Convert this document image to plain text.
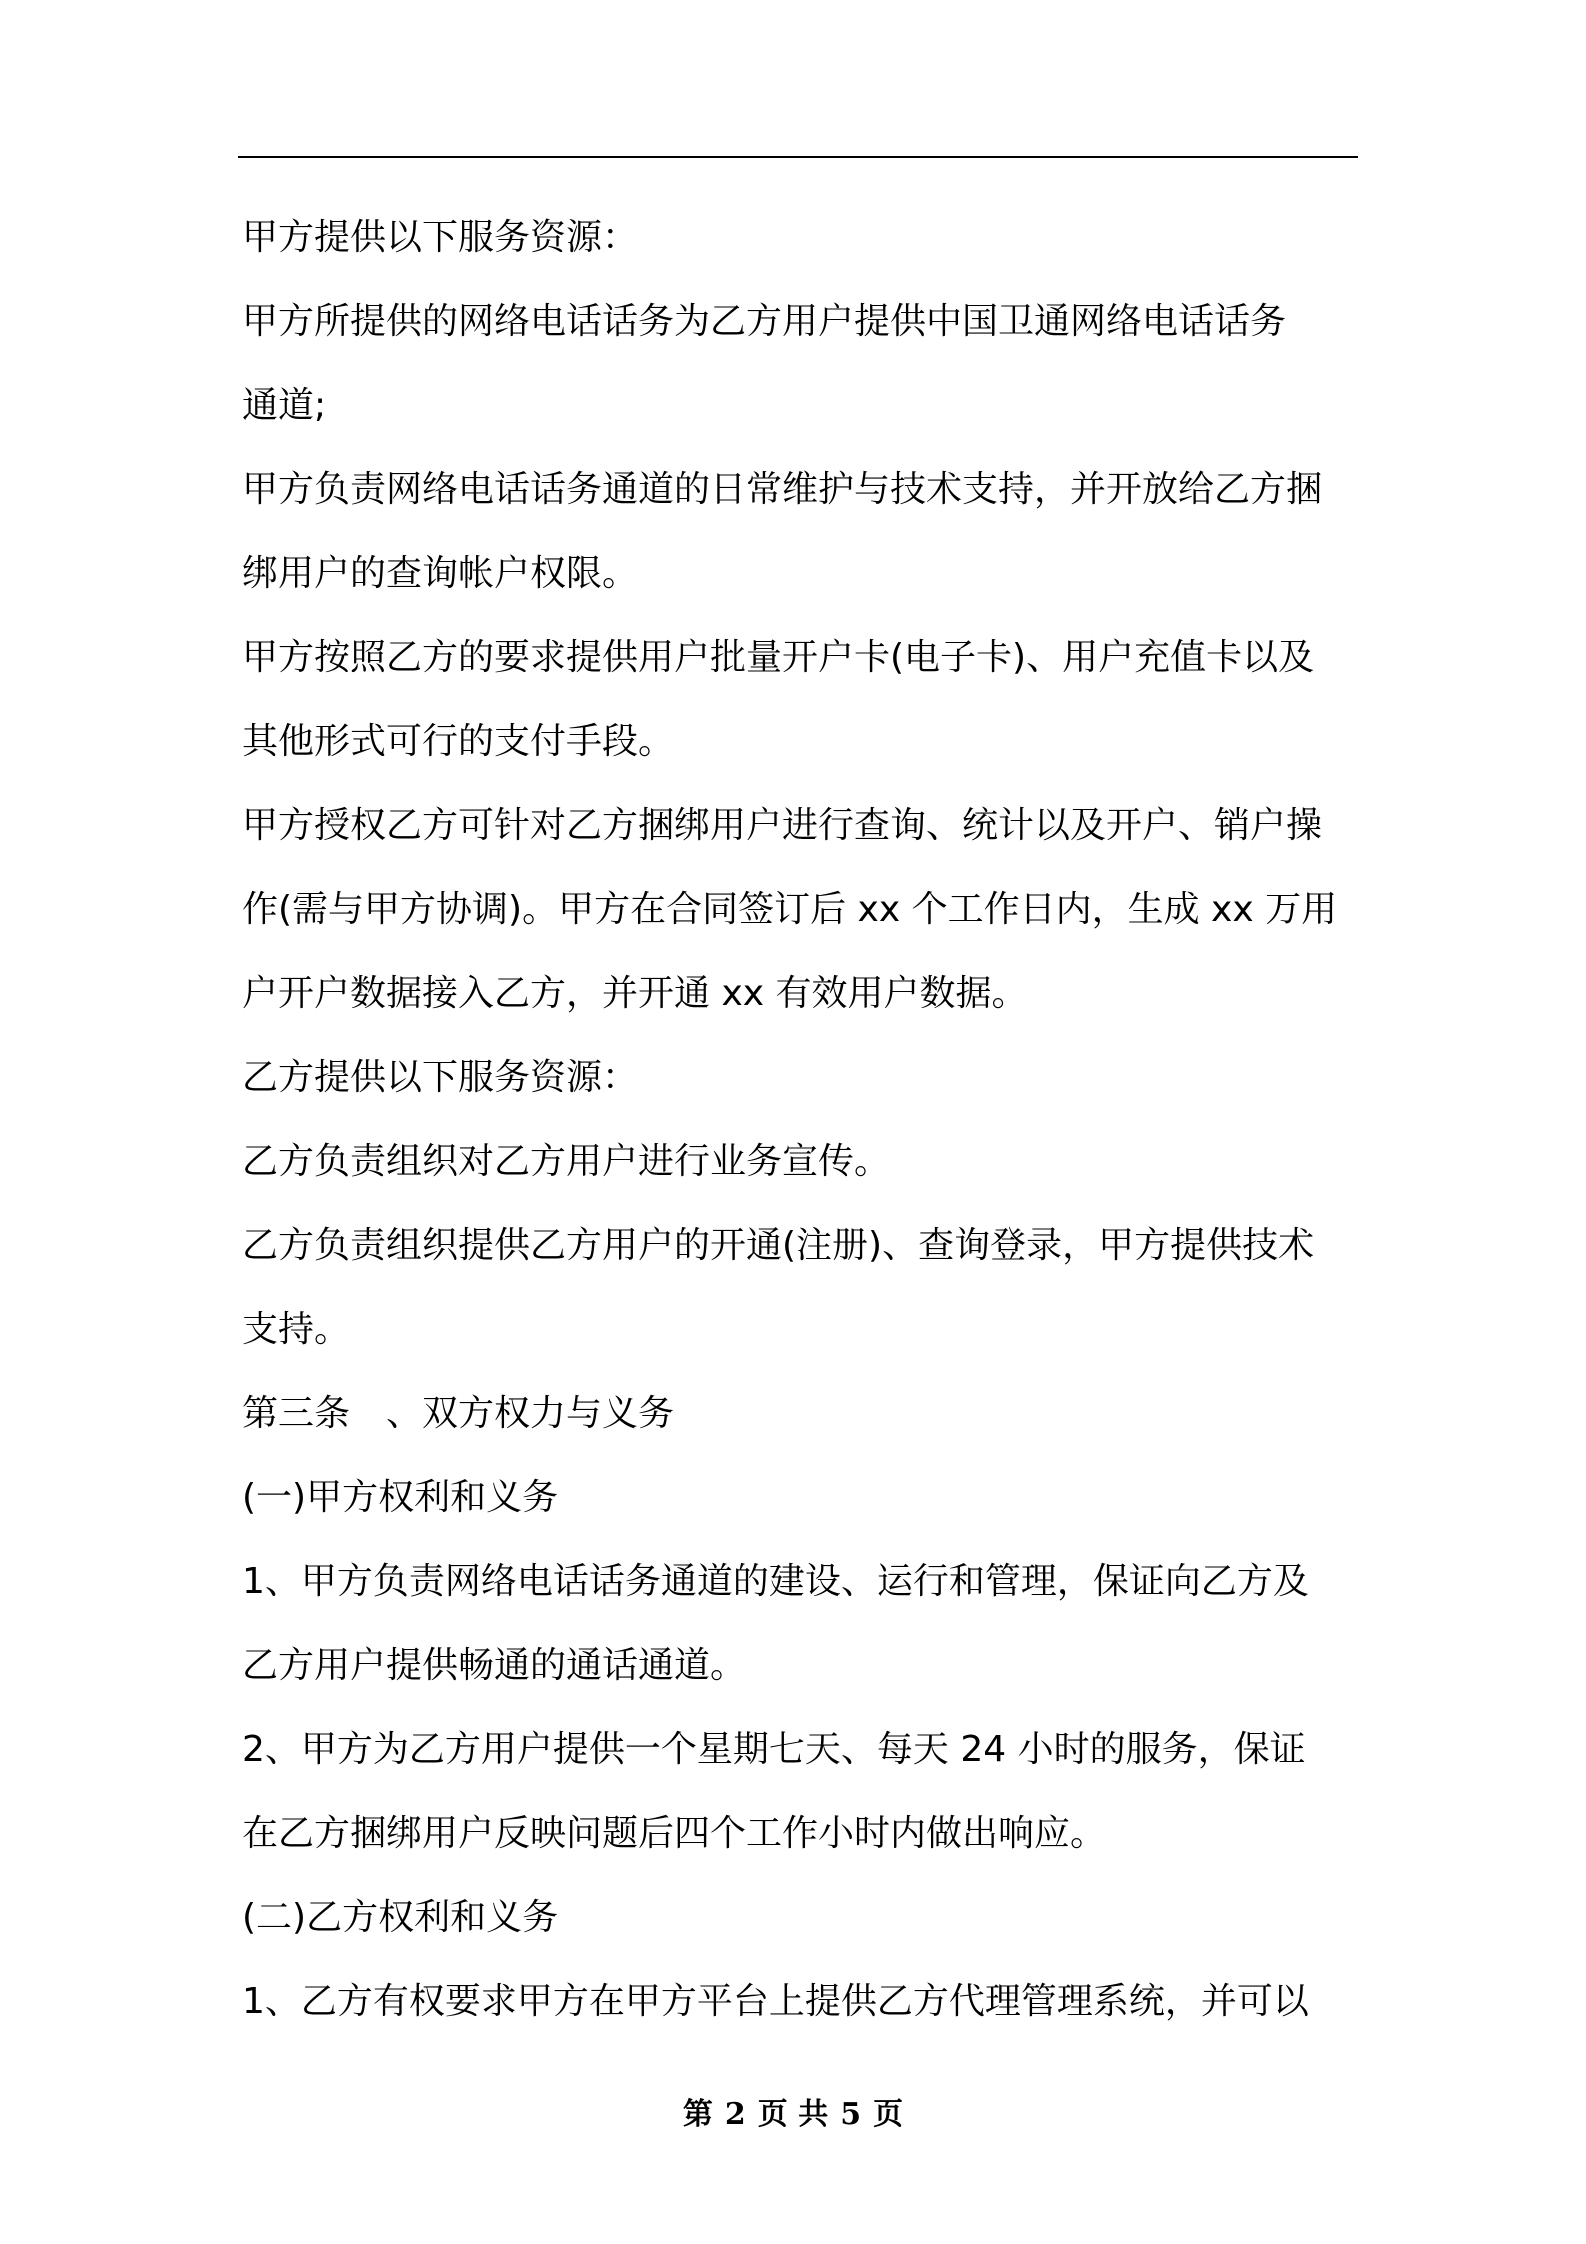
甲方提供以下服务资源：
甲方所提供的网络电话话务为乙方用户提供中国卫通网络电话话务
通道;
甲方负责网络电话话务通道的日常维护与技术支持，并开放给乙方捆
绑用户的查询帐户权限。
甲方按照乙方的要求提供用户批量开户卡(电子卡)、用户充值卡以及
其他形式可行的支付手段。
甲方授权乙方可针对乙方捆绑用户进行查询、统计以及开户、销户操
作(需与甲方协调)。甲方在合同签订后 xx 个工作日内，生成 xx 万用
户开户数据接入乙方，并开通 xx 有效用户数据。
乙方提供以下服务资源：
乙方负责组织对乙方用户进行业务宣传。
乙方负责组织提供乙方用户的开通(注册)、查询登录，甲方提供技术
支持。
第三条　、双方权力与义务
(一)甲方权利和义务
1、甲方负责网络电话话务通道的建设、运行和管理，保证向乙方及
乙方用户提供畅通的通话通道。
2、甲方为乙方用户提供一个星期七天、每天 24 小时的服务，保证
在乙方捆绑用户反映问题后四个工作小时内做出响应。
(二)乙方权利和义务
1、乙方有权要求甲方在甲方平台上提供乙方代理管理系统，并可以
第 2 页 共 5 页
